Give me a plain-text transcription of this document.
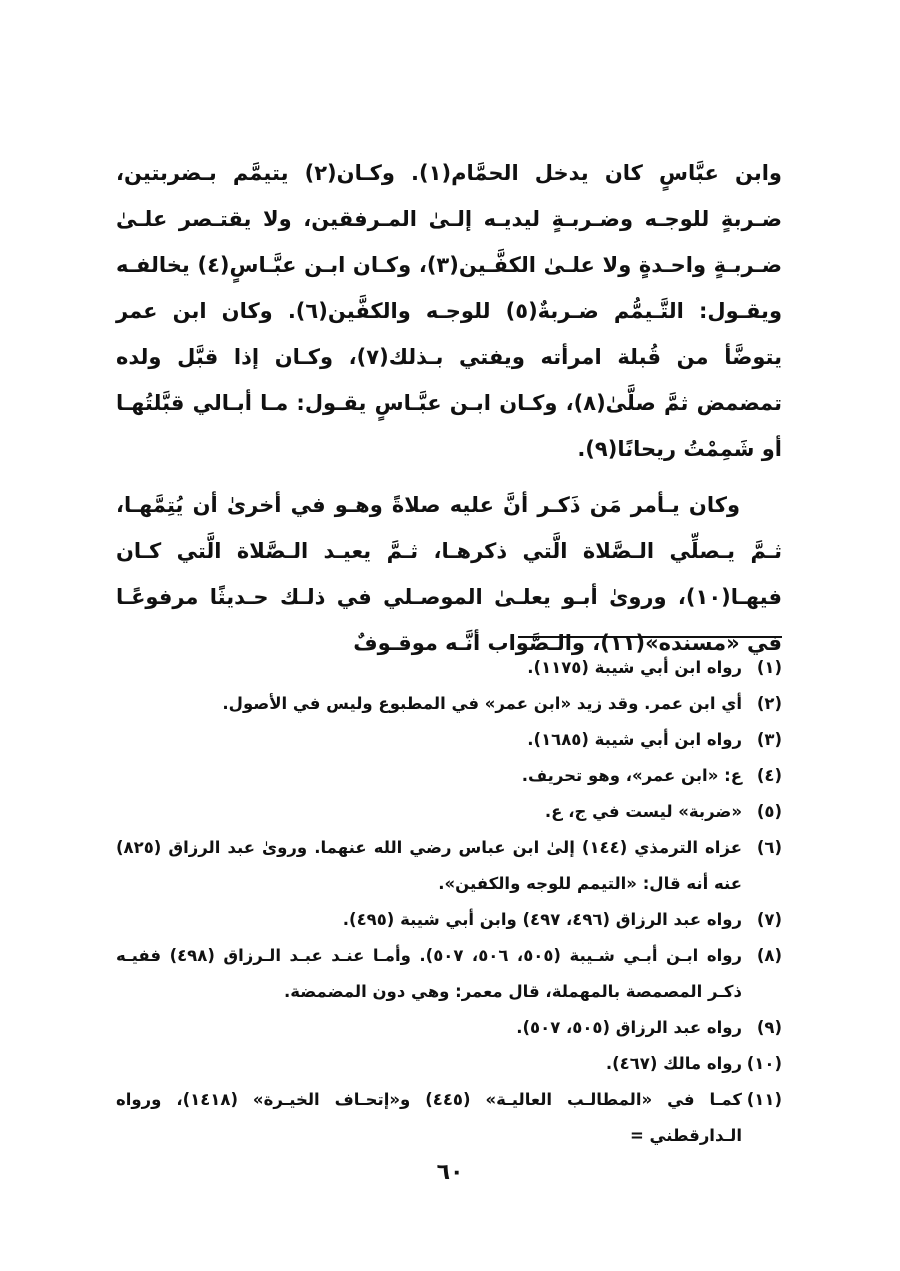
وابن عبَّاسٍ كان يدخل الحمَّام(١). وكـان(٢) يتيمَّم بـضربتين، ضـربةٍ للوجـه وضـربـةٍ ليديـه إلـىٰ المـرفقين، ولا يقتـصر علـىٰ ضـربـةٍ واحـدةٍ ولا علـىٰ الكفَّـين(٣)، وكـان ابـن عبَّـاسٍ(٤) يخالفـه ويقـول: التَّـيمُّم ضـربةٌ(٥) للوجـه والكفَّين(٦). وكان ابن عمر يتوضَّأ من قُبلة امرأته ويفتي بـذلك(٧)، وكـان إذا قبَّل ولده تمضمض ثمَّ صلَّىٰ(٨)، وكـان ابـن عبَّـاسٍ يقـول: مـا أبـالي قبَّلتُهـا أو شَمِمْتُ ريحانًا(٩).

وكان يـأمر مَن ذَكـر أنَّ عليه صلاةً وهـو في أخرىٰ أن يُتِمَّهـا، ثـمَّ يـصلِّي الـصَّلاة الَّتي ذكرهـا، ثـمَّ يعيـد الـصَّلاة الَّتي كـان فيهـا(١٠)، وروىٰ أبـو يعلـىٰ الموصـلي في ذلـك حـديثًا مرفوعًـا في «مسنده»(١١)، والـصَّواب أنَّـه موقـوفٌ

(١)
رواه ابن أبي شيبة (١١٧٥).
(٢)
أي ابن عمر. وقد زيد «ابن عمر» في المطبوع وليس في الأصول.
(٣)
رواه ابن أبي شيبة (١٦٨٥).
(٤)
ع: «ابن عمر»، وهو تحريف.
(٥)
«ضربة» ليست في ج، ع.
(٦)
عزاه الترمذي (١٤٤) إلىٰ ابن عباس رضي الله عنهما. وروىٰ عبد الرزاق (٨٢٥) عنه أنه قال: «التيمم للوجه والكفين».
(٧)
رواه عبد الرزاق (٤٩٦، ٤٩٧) وابن أبي شيبة (٤٩٥).
(٨)
رواه ابـن أبـي شـيبة (٥٠٥، ٥٠٦، ٥٠٧). وأمـا عنـد عبـد الـرزاق (٤٩٨) ففيـه ذكـر المصمصة بالمهملة، قال معمر: وهي دون المضمضة.
(٩)
رواه عبد الرزاق (٥٠٥، ٥٠٧).
(١٠)
رواه مالك (٤٦٧).
(١١)
كمـا في «المطالـب العاليـة» (٤٤٥) و«إتحـاف الخيـرة» (١٤١٨)، ورواه الـدارقطني =
٦٠
